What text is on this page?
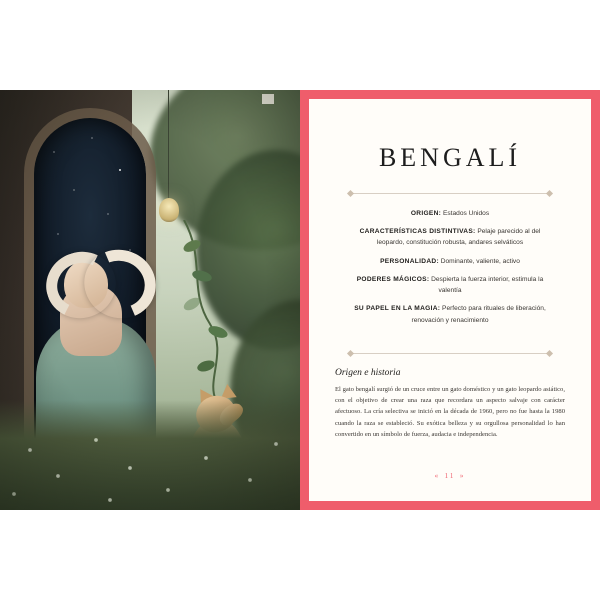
BENGALÍ

ORIGEN: Estados Unidos

CARACTERÍSTICAS DISTINTIVAS: Pelaje parecido al del leopardo, constitución robusta, andares selváticos

PERSONALIDAD: Dominante, valiente, activo

PODERES MÁGICOS: Despierta la fuerza interior, estimula la valentía

SU PAPEL EN LA MAGIA: Perfecto para rituales de liberación, renovación y renacimiento

Origen e historia
El gato bengalí surgió de un cruce entre un gato doméstico y un gato leopardo asiático, con el objetivo de crear una raza que recordara un aspecto salvaje con carácter afectuoso. La cría selectiva se inició en la década de 1960, pero no fue hasta la 1980 cuando la raza se estableció. Su exótica belleza y su orgullosa personalidad lo han convertido en un símbolo de fuerza, audacia e independencia.
« 11 »
